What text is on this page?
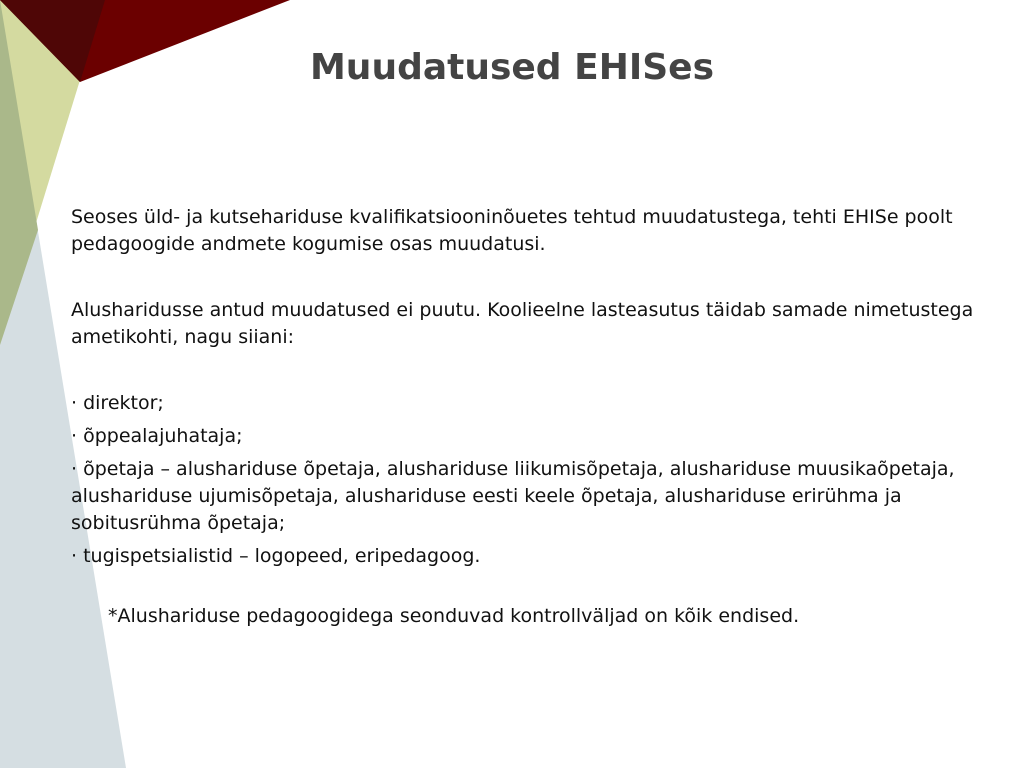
Muudatused EHISes

Seoses üld- ja kutsehariduse kvalifikatsiooninõuetes tehtud muudatustega, tehti EHISe poolt pedagoogide andmete kogumise osas muudatusi.

Alusharidusse antud muudatused ei puutu. Koolieelne lasteasutus täidab samade nimetustega ametikohti, nagu siiani:

· direktor;

· õppealajuhataja;

· õpetaja – alushariduse õpetaja, alushariduse liikumisõpetaja, alushariduse muusikaõpetaja, alushariduse ujumisõpetaja, alushariduse eesti keele õpetaja, alushariduse erirühma ja sobitusrühma õpetaja;

· tugispetsialistid – logopeed, eripedagoog.

*Alushariduse pedagoogidega seonduvad kontrollväljad on kõik endised.
